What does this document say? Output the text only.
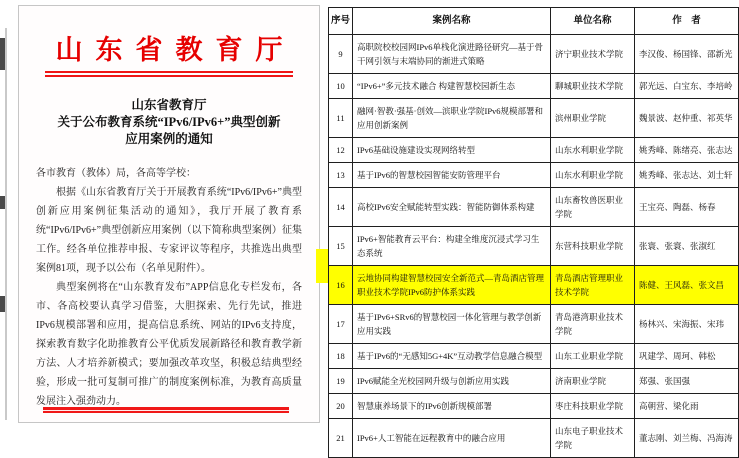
山东省教育厅
山东省教育厅
关于公布教育系统“IPv6/IPv6+”典型创新
应用案例的通知

各市教育（教体）局，各高等学校：

根据《山东省教育厅关于开展教育系统“IPv6/IPv6+”典型创新应用案例征集活动的通知》，我厅开展了教育系统“IPv6/IPv6+”典型创新应用案例（以下简称典型案例）征集工作。经各单位推荐申报、专家评议等程序，共推选出典型案例81项，现予以公布（名单见附件）。

典型案例将在“山东教育发布”APP信息化专栏发布，各市、各高校要认真学习借鉴，大胆探索、先行先试，推进IPv6规模部署和应用，提高信息系统、网站的IPv6支持度，探索教育数字化助推教育公平优质发展新路径和教育教学新方法、人才培养新模式；要加强改革攻坚，积极总结典型经验，形成一批可复制可推广的制度案例标准，为教育高质量发展注入强劲动力。

序号	案例名称	单位名称	作　者
9	高职院校校园网IPv6单栈化演进路径研究—基于骨干网引领与末端协同的渐进式策略	济宁职业技术学院	李汉俊、杨国锋、邵新光
10	“IPv6+”多元技术融合 构建智慧校园新生态	聊城职业技术学院	郭光远、白宝东、李培岭
11	融网·智教·强基·创效—滨职业学院IPv6规模部署和应用创新案例	滨州职业学院	魏景波、赵仲重、祁英华
12	IPv6基础设施建设实现网络转型	山东水利职业学院	姚秀峰、陈绪亮、张志达
13	基于IPv6的智慧校园智能安防管理平台	山东水利职业学院	姚秀峰、张志达、刘士轩
14	高校IPv6安全赋能转型实践：智能防御体系构建	山东畜牧兽医职业学院	王宝亮、陶磊、杨春
15	IPv6+智能教育云平台：构建全维度沉浸式学习生态系统	东营科技职业学院	张寰、张寰、张淑红
16	云地协同构建智慧校园安全新范式—青岛酒店管理职业技术学院IPv6防护体系实践	青岛酒店管理职业技术学院	陈健、王风磊、张文昌
17	基于IPv6+SRv6的智慧校园一体化管理与教学创新应用实践	青岛港湾职业技术学院	杨林兴、宋海振、宋玮
18	基于IPv6的“无感知5G+4K”互动教学信息融合模型	山东工业职业学院	巩建学、周珂、韩松
19	IPv6赋能全光校园网升级与创新应用实践	济南职业学院	郑强、张国强
20	智慧康养场景下的IPv6创新规模部署	枣庄科技职业学院	高朝营、梁化雨
21	IPv6+人工智能在远程教育中的融合应用	山东电子职业技术学院	董志刚、刘兰梅、冯海涛
